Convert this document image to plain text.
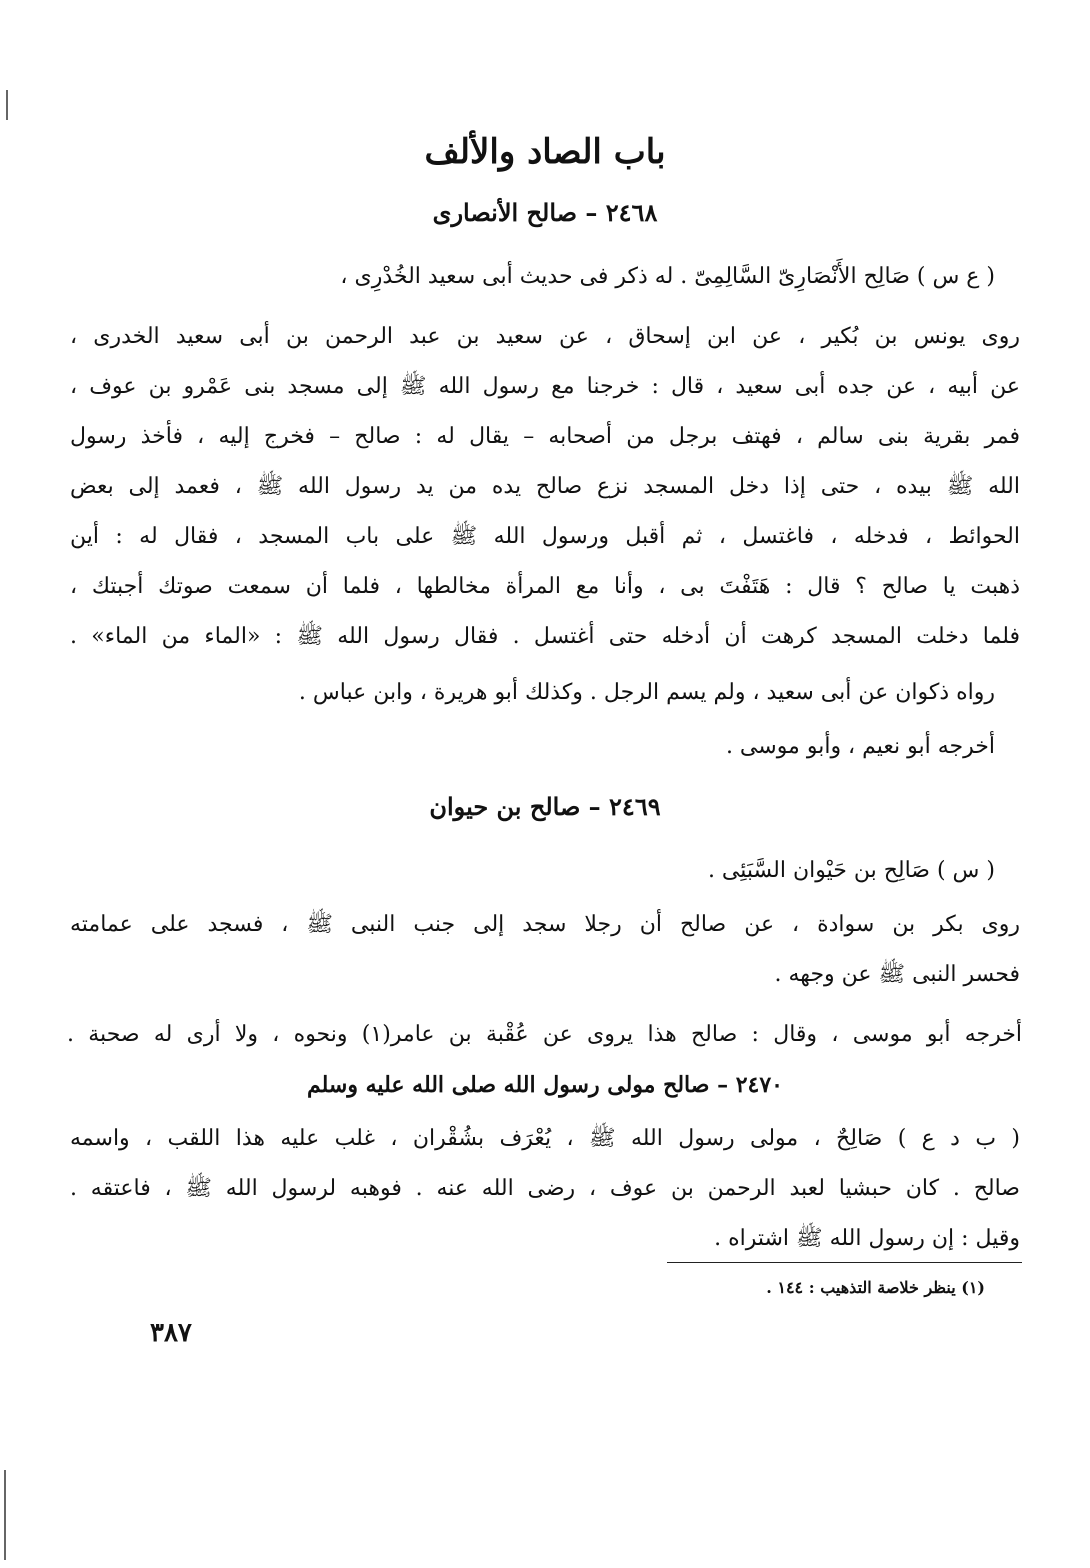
باب الصاد والألف
٢٤٦٨ – صالح الأنصارى
( ع س ) صَالِح الأَنْصَارِىّ السَّالِمِىّ . له ذكر فى حديث أبى سعيد الخُدْرِى ،
روى يونس بن بُكير ، عن ابن إسحاق ، عن سعيد بن عبد الرحمن بن أبى سعيد الخدرى ،
عن أبيه ، عن جده أبى سعيد ، قال : خرجنا مع رسول الله ﷺ إلى مسجد بنى عَمْرو بن عوف ،
فمر بقرية بنى سالم ، فهتف برجل من أصحابه – يقال له : صالح – فخرج إليه ، فأخذ رسول
الله ﷺ بيده ، حتى إذا دخل المسجد نزع صالح يده من يد رسول الله ﷺ ، فعمد إلى بعض
الحوائط ، فدخله ، فاغتسل ، ثم أقبل ورسول الله ﷺ على باب المسجد ، فقال له : أين
ذهبت يا صالح ؟ قال : هَتَفْتَ بى ، وأنا مع المرأة مخالطها ، فلما أن سمعت صوتك أجبتك ،
فلما دخلت المسجد كرهت أن أدخله حتى أغتسل . فقال رسول الله ﷺ : «الماء من الماء» .
رواه ذكوان عن أبى سعيد ، ولم يسم الرجل . وكذلك أبو هريرة ، وابن عباس .
أخرجه أبو نعيم ، وأبو موسى .
٢٤٦٩ – صالح بن حيوان
( س ) صَالِح بن حَيْوان السَّبَئِى .
روى بكر بن سوادة ، عن صالح أن رجلا سجد إلى جنب النبى ﷺ ، فسجد على عمامته
فحسر النبى ﷺ عن وجهه .
أخرجه أبو موسى ، وقال : صالح هذا يروى عن عُقْبة بن عامر(١) ونحوه ، ولا أرى له صحبة .
٢٤٧٠ – صالح مولى رسول الله صلى الله عليه وسلم
( ب د ع ) صَالِحٌ ، مولى رسول الله ﷺ ، يُعْرَف بشُقْران ، غلب عليه هذا اللقب ، واسمه
صالح . كان حبشيا لعبد الرحمن بن عوف ، رضى الله عنه . فوهبه لرسول الله ﷺ ، فاعتقه .
وقيل : إن رسول الله ﷺ اشتراه .
(١) ينظر خلاصة التذهيب : ١٤٤ .
٣٨٧
